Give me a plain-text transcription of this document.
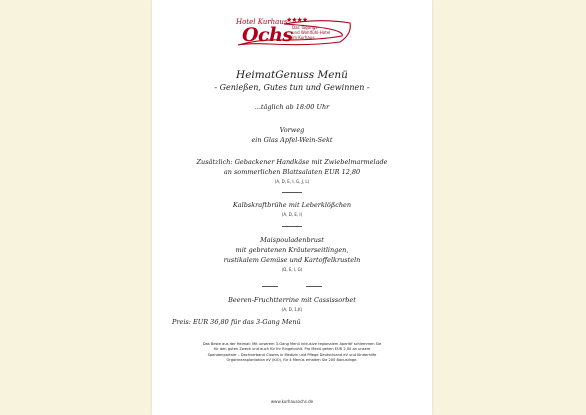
Hotel Kurhaus
★★★★
Ochs Das Tagungs-
und Wohlfühl-Hotel
im Kurhaus
HeimatGenuss Menü
- Genießen, Gutes tun und Gewinnen -
...täglich ab 18:00 Uhr
Vorweg
ein Glas Apfel-Wein-Sekt
Zusätzlich: Gebackener Handkäse mit Zwiebelmarmelade
an sommerlichen Blattsalaten EUR 12,80
(A, D, E, I, G, J, L)
Kalbskraftbrühe mit Leberklößchen
(A, D, E, I)
Maispouladenbrust
mit gebratenen Kräuterseitlingen,
rustikalem Gemüse und Kartoffelkrusteln
(D, E, I, G)
Beeren-Fruchtterrine mit Cassissorbet
(A, D, 1,K)
Preis: EUR 36,80 für das 3-Gang Menü
Das Beste aus der Heimat: Mit unserem 3-Gang Menü inklusive regionalem Aperitif schlemmen Sie
für den guten Zweck und auch für Ihr Ringelcohlt. Pro Menü gehen EUR 2,00 an unsere
Spendenpartner – Dachverband Clowns in Medizin und Pflege Deutschland eV und Kinderhilfe
Organtransplantation eV (KiO), für 4 Menüs erhalten Sie 200 Bonuslinge.
www.kurhausochs.de
